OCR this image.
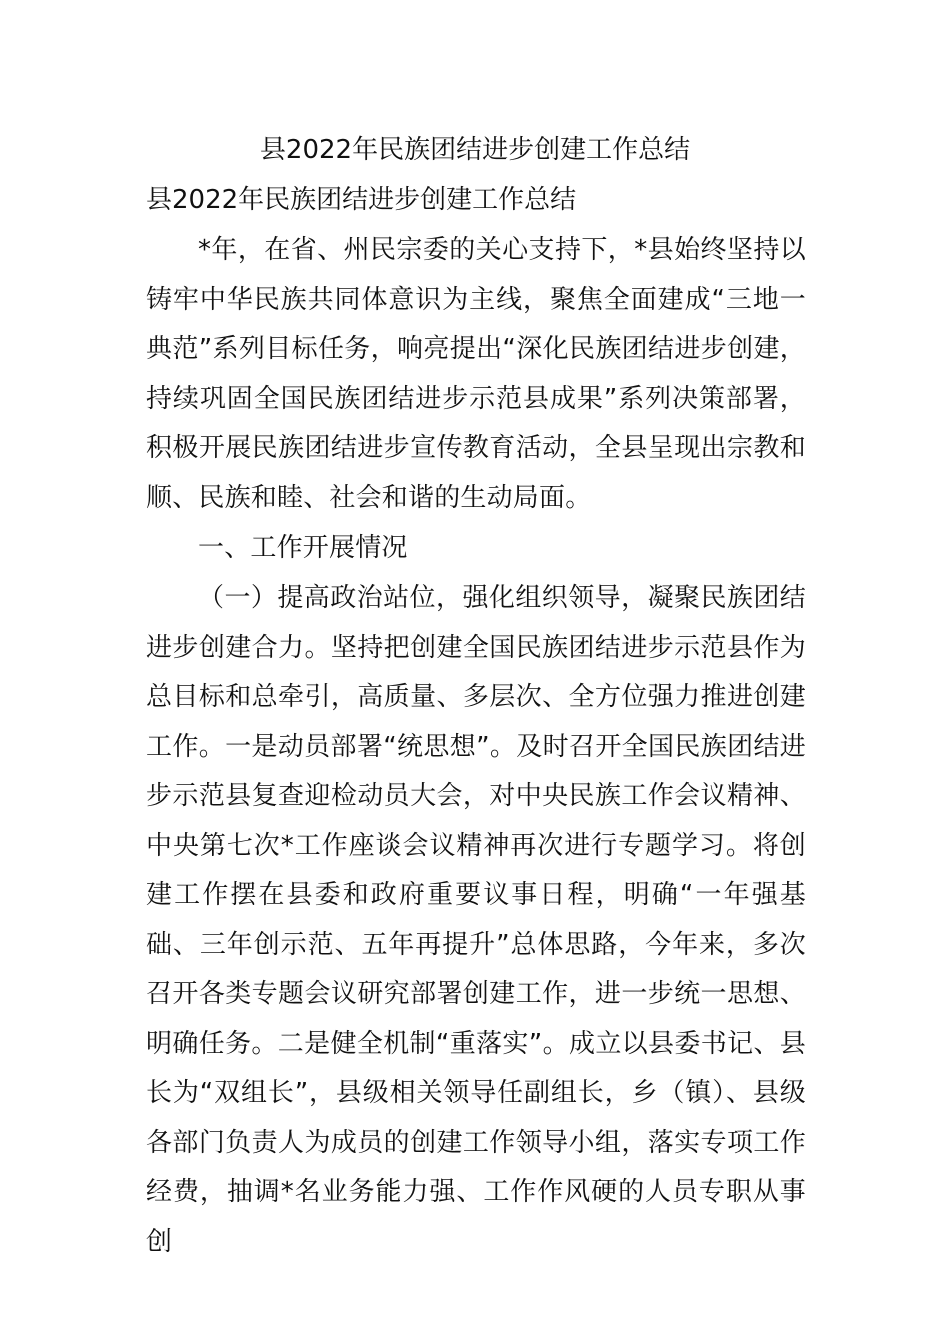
县2022年民族团结进步创建工作总结
县2022年民族团结进步创建工作总结
*年，在省、州民宗委的关心支持下，*县始终坚持以铸牢中华民族共同体意识为主线，聚焦全面建成“三地一典范”系列目标任务，响亮提出“深化民族团结进步创建，持续巩固全国民族团结进步示范县成果”系列决策部署，积极开展民族团结进步宣传教育活动，全县呈现出宗教和顺、民族和睦、社会和谐的生动局面。
一、工作开展情况
（一）提高政治站位，强化组织领导，凝聚民族团结进步创建合力。坚持把创建全国民族团结进步示范县作为总目标和总牵引，高质量、多层次、全方位强力推进创建工作。一是动员部署“统思想”。及时召开全国民族团结进步示范县复查迎检动员大会，对中央民族工作会议精神、中央第七次*工作座谈会议精神再次进行专题学习。将创建工作摆在县委和政府重要议事日程，明确“一年强基础、三年创示范、五年再提升”总体思路，今年来，多次召开各类专题会议研究部署创建工作，进一步统一思想、明确任务。二是健全机制“重落实”。成立以县委书记、县长为“双组长”，县级相关领导任副组长，乡（镇）、县级各部门负责人为成员的创建工作领导小组，落实专项工作经费，抽调*名业务能力强、工作作风硬的人员专职从事创
